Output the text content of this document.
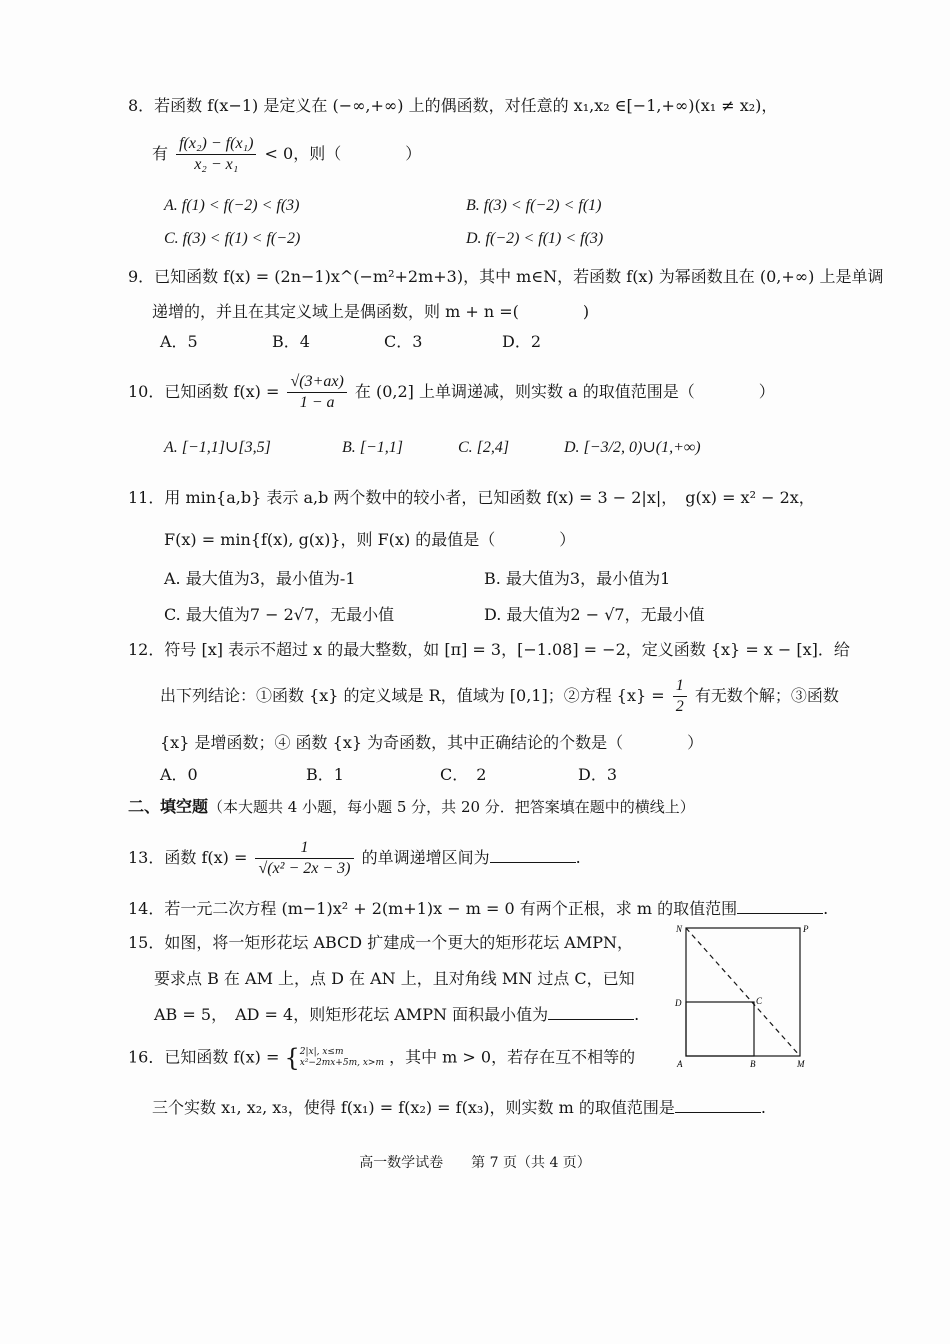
8．若函数 f(x−1) 是定义在 (−∞,+∞) 上的偶函数，对任意的 x₁,x₂ ∈[−1,+∞)(x₁ ≠ x₂)，
有 $\frac{\text{f(x₂) − f(x₁)}}{\text{x₂ − x₁}} < 0$，则（　　　　）
A. f(1) < f(−2) < f(3)	B. f(3) < f(−2) < f(1)
C. f(3) < f(1) < f(−2)	D. f(−2) < f(1) < f(3)
9．已知函数 f(x) = (2n−1)x^(−m²+2m+3)，其中 m∈N，若函数 f(x) 为幂函数且在 (0,+∞) 上是单调
递增的，并且在其定义域上是偶函数，则 m + n =(　　　　)
A．5	B．4	C．3	D．2
10．已知函数 $f(x) = \frac{√(3+ax)}{1 - a}$ 在 (0,2] 上单调递减，则实数 a 的取值范围是（　　　　）
A. [−1,1]∪[3,5]	B. [−1,1]	C. [2,4]	D. [−3/2, 0)∪(1,+∞)
11．用 min{a,b} 表示 a,b 两个数中的较小者，已知函数 f(x) = 3 − 2|x|，　g(x) = x² − 2x，
F(x) = min{f(x), g(x)}，则 F(x) 的最值是（　　　　）
A. 最大值为3，最小值为-1	B. 最大值为3，最小值为1
C. 最大值为7 − 2√7，无最小值	D. 最大值为2 − √7，无最小值
12．符号 [x] 表示不超过 x 的最大整数，如 [π] = 3，[−1.08] = −2，定义函数 {x} = x − [x]．给
出下列结论：①函数 {x} 的定义域是 R，值域为 [0,1]；②方程 $\{x\} = \frac{1}{2}$ 有无数个解；③函数
{x} 是增函数；④ 函数 {x} 为奇函数，其中正确结论的个数是（　　　　）
A．0	B．1	C．　2	D．3
二、填空题（本大题共 4 小题，每小题 5 分，共 20 分．把答案填在题中的横线上）
13．函数 $f(x) = \frac{1}{\text{√(x² − 2x − 3)}}$ 的单调递增区间为	.
14．若一元二次方程 (m−1)x² + 2(m+1)x − m = 0 有两个正根，求 m 的取值范围	.
15．如图，将一矩形花坛 ABCD 扩建成一个更大的矩形花坛 AMPN，
要求点 B 在 AM 上，点 D 在 AN 上，且对角线 MN 过点 C，已知
AB = 5，　AD = 4，则矩形花坛 AMPN 面积最小值为	.
N	P
D	C
A	B	M
16．已知函数 f(x) = { 2|x|, x≤m
x²−2mx+5m, x>m ，其中 m > 0，若存在互不相等的
三个实数 x₁, x₂, x₃，使得 f(x₁) = f(x₂) = f(x₃)，则实数 m 的取值范围是	.
高一数学试卷　　第 7 页（共 4 页）
